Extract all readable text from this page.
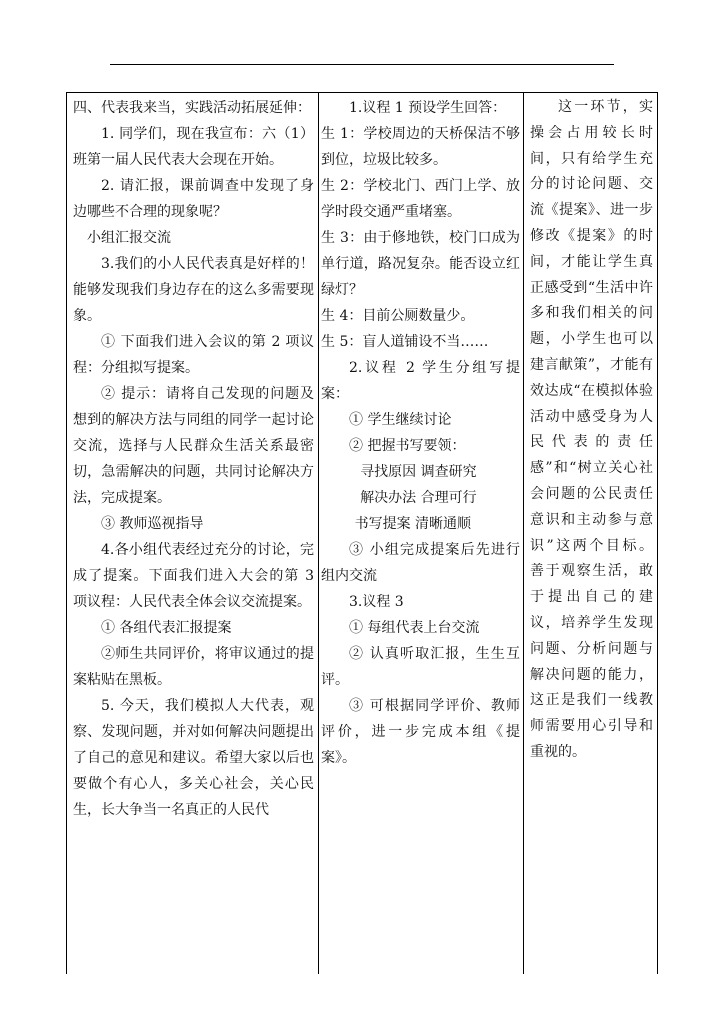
四、代表我来当，实践活动拓展延伸：

1. 同学们，现在我宣布：六（1）班第一届人民代表大会现在开始。

2. 请汇报，课前调查中发现了身边哪些不合理的现象呢？

小组汇报交流

3.我们的小人民代表真是好样的！能够发现我们身边存在的这么多需要现象。

① 下面我们进入会议的第 2 项议程：分组拟写提案。

② 提示：请将自己发现的问题及想到的解决方法与同组的同学一起讨论交流，选择与人民群众生活关系最密切，急需解决的问题，共同讨论解决方法，完成提案。

③ 教师巡视指导

4.各小组代表经过充分的讨论，完成了提案。下面我们进入大会的第 3 项议程：人民代表全体会议交流提案。

① 各组代表汇报提案

②师生共同评价，将审议通过的提案粘贴在黑板。

5. 今天，我们模拟人大代表，观察、发现问题，并对如何解决问题提出了自己的意见和建议。希望大家以后也要做个有心人，多关心社会，关心民生，长大争当一名真正的人民代

1.议程 1 预设学生回答：

生 1：学校周边的天桥保洁不够到位，垃圾比较多。

生 2：学校北门、西门上学、放学时段交通严重堵塞。

生 3：由于修地铁，校门口成为单行道，路况复杂。能否设立红绿灯？

生 4：目前公厕数量少。

生 5：盲人道铺设不当……

2.议程 2 学生分组写提案：

① 学生继续讨论

② 把握书写要领：

寻找原因 调查研究

解决办法 合理可行

书写提案 清晰通顺

③ 小组完成提案后先进行组内交流

3.议程 3

① 每组代表上台交流

② 认真听取汇报，生生互评。

③ 可根据同学评价、教师评价，进一步完成本组《提案》。

这一环节，实操会占用较长时间，只有给学生充分的讨论问题、交流《提案》、进一步修改《提案》的时间，才能让学生真正感受到“生活中许多和我们相关的问题，小学生也可以建言献策”，才能有效达成“在模拟体验活动中感受身为人民代表的责任感”和“树立关心社会问题的公民责任意识和主动参与意识”这两个目标。 善于观察生活，敢于提出自己的建议，培养学生发现问题、分析问题与解决问题的能力，这正是我们一线教师需要用心引导和重视的。
